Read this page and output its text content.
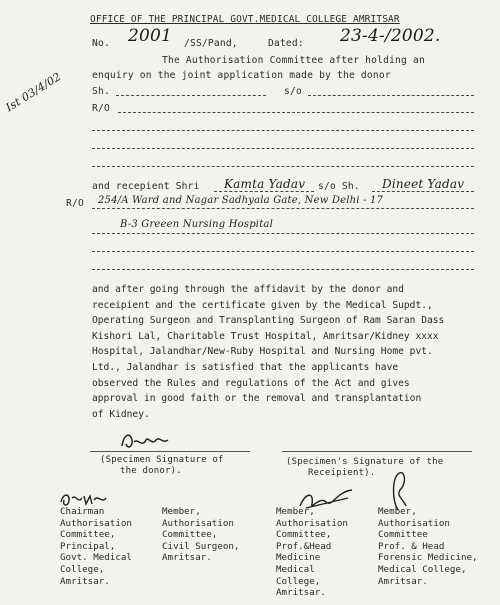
OFFICE OF THE PRINCIPAL GOVT.MEDICAL COLLEGE AMRITSAR
No. 2001 /SS/Pand,	Dated: 23-4-/2002.
Ist 03/4/02
The Authorisation Committee after holding an
enquiry on the joint application made by the donor
Sh.	s/o
R/O
and recepient Shri Kamta Yadav s/o Sh. Dineet Yadav
R/O 254/A Ward and Nagar Sadhyala Gate, New Delhi - 17
B-3 Greeen Nursing Hospital
and after going through the affidavit by the donor and
receipient and the certificate given by the Medical Supdt.,
Operating Surgeon and Transplanting Surgeon of Ram Saran Dass
Kishori Lal, Charitable Trust Hospital, Amritsar/Kidney xxxx
Hospital, Jalandhar/New-Ruby Hospital and Nursing Home pvt.
Ltd., Jalandhar is satisfied that the applicants have
observed the Rules and regulations of the Act and gives
approval in good faith or the removal and transplantation
of Kidney.
(Specimen Signature of
the donor).
(Specimen's Signature of the
Receipient).
Chairman
Authorisation
Committee,
Principal,
Govt. Medical
College,
Amritsar.
Member,
Authorisation
Committee,
Civil Surgeon,
Amritsar.
Member,
Authorisation
Committee,
Prof.&Head
Medicine
Medical
College,
Amritsar.
Member,
Authorisation
Committee
Prof. & Head
Forensic Medicine,
Medical College,
Amritsar.
